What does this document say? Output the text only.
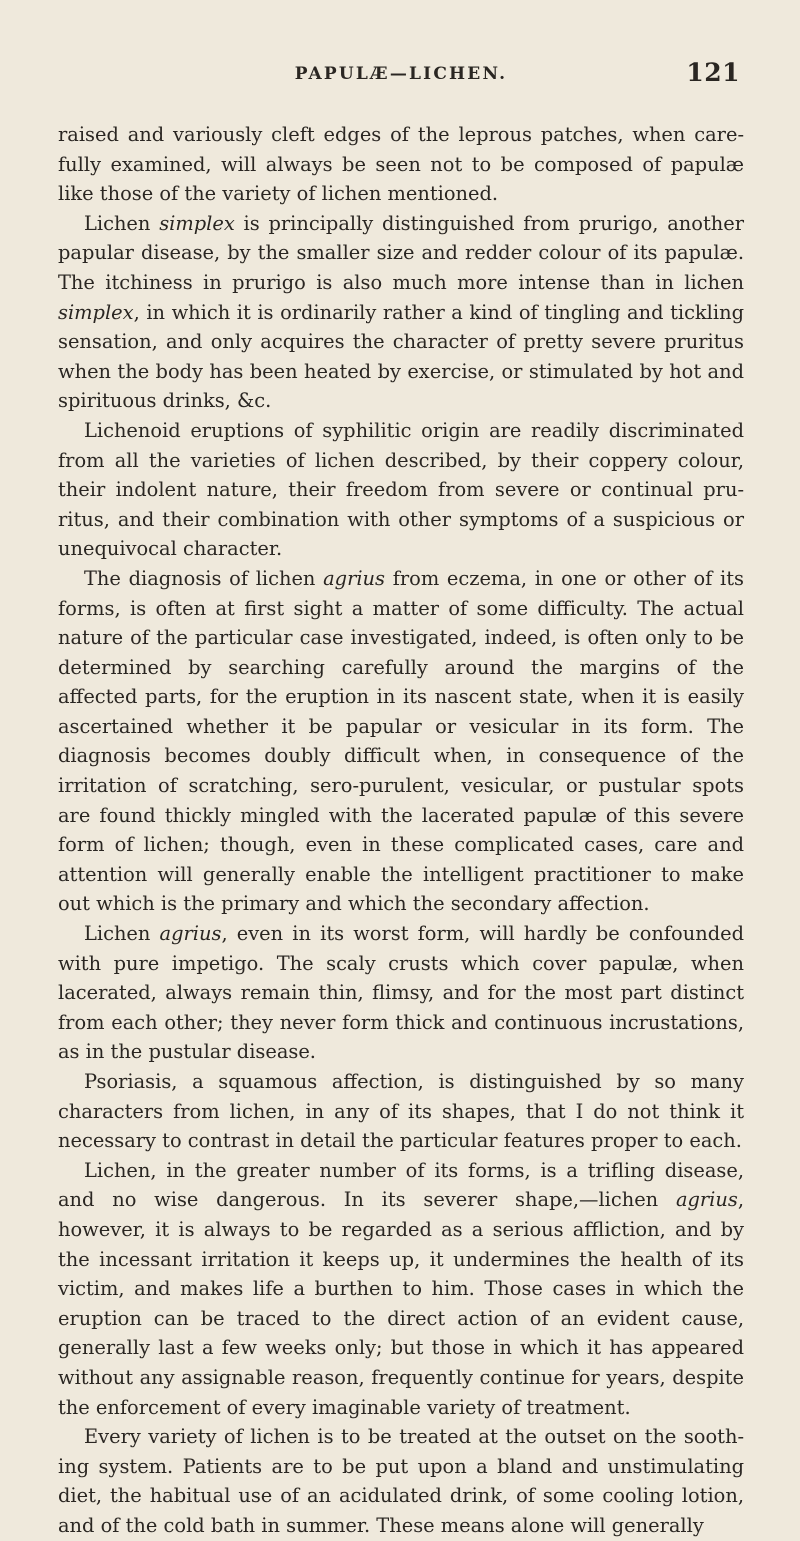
PAPULÆ—LICHEN.	121

raised and variously cleft edges of the leprous patches, when carefully examined, will always be seen not to be composed of papulæ like those of the variety of lichen mentioned.

Lichen simplex is principally distinguished from prurigo, another papular disease, by the smaller size and redder colour of its papulæ. The itchiness in prurigo is also much more intense than in lichen simplex, in which it is ordinarily rather a kind of tingling and tickling sensation, and only acquires the character of pretty severe pruritus when the body has been heated by exercise, or stimulated by hot and spirituous drinks, &c.

Lichenoid eruptions of syphilitic origin are readily discriminated from all the varieties of lichen described, by their coppery colour, their indolent nature, their freedom from severe or continual pruritus, and their combination with other symptoms of a suspicious or unequivocal character.

The diagnosis of lichen agrius from eczema, in one or other of its forms, is often at first sight a matter of some difficulty. The actual nature of the particular case investigated, indeed, is often only to be determined by searching carefully around the margins of the affected parts, for the eruption in its nascent state, when it is easily ascertained whether it be papular or vesicular in its form. The diagnosis becomes doubly difficult when, in consequence of the irritation of scratching, sero-purulent, vesicular, or pustular spots are found thickly mingled with the lacerated papulæ of this severe form of lichen; though, even in these complicated cases, care and attention will generally enable the intelligent practitioner to make out which is the primary and which the secondary affection.

Lichen agrius, even in its worst form, will hardly be confounded with pure impetigo. The scaly crusts which cover papulæ, when lacerated, always remain thin, flimsy, and for the most part distinct from each other; they never form thick and continuous incrustations, as in the pustular disease.

Psoriasis, a squamous affection, is distinguished by so many characters from lichen, in any of its shapes, that I do not think it necessary to contrast in detail the particular features proper to each.

Lichen, in the greater number of its forms, is a trifling disease, and no wise dangerous. In its severer shape,—lichen agrius, however, it is always to be regarded as a serious affliction, and by the incessant irritation it keeps up, it undermines the health of its victim, and makes life a burthen to him. Those cases in which the eruption can be traced to the direct action of an evident cause, generally last a few weeks only; but those in which it has appeared without any assignable reason, frequently continue for years, despite the enforcement of every imaginable variety of treatment.

Every variety of lichen is to be treated at the outset on the soothing system. Patients are to be put upon a bland and unstimulating diet, the habitual use of an acidulated drink, of some cooling lotion, and of the cold bath in summer. These means alone will generally
